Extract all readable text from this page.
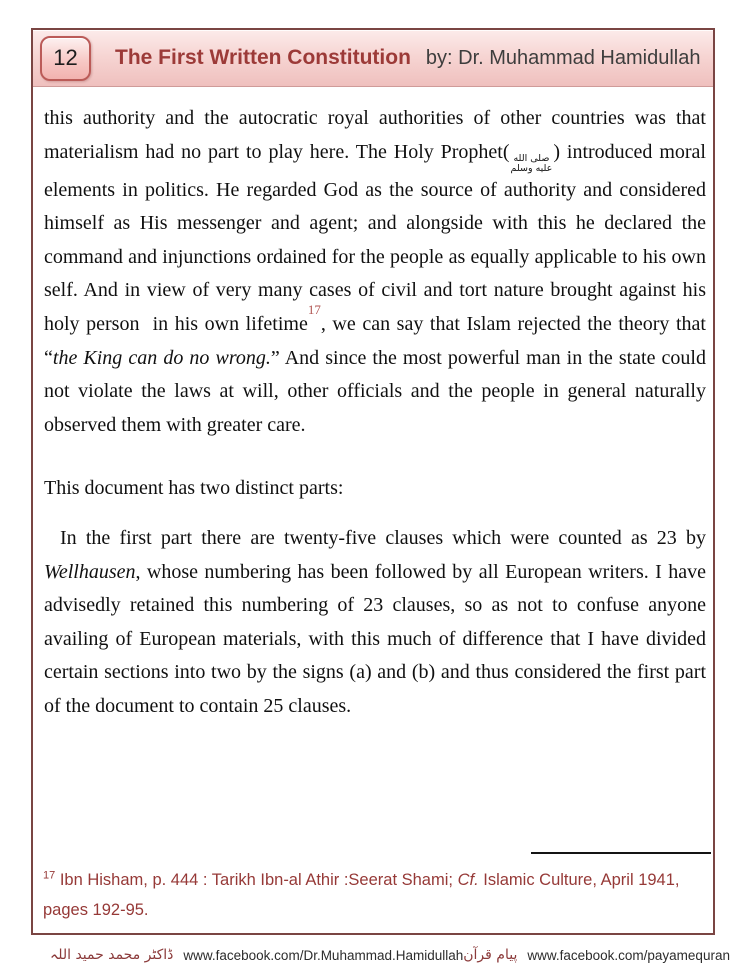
12 The First Written Constitution by: Dr. Muhammad Hamidullah

this authority and the autocratic royal authorities of other countries was that materialism had no part to play here. The Holy Prophet( صلى الله
عليه وسلم
) introduced moral elements in politics. He regarded God as the source of authority and considered himself as His messenger and agent; and alongside with this he declared the command and injunctions ordained for the people as equally applicable to his own self. And in view of very many cases of civil and tort nature brought against his holy person  in his own lifetime$^{17}$, we can say that Islam rejected the theory that “the King can do no wrong.” And since the most powerful man in the state could not violate the laws at will, other officials and the people in general naturally observed them with greater care.

This document has two distinct parts:

In the first part there are twenty-five clauses which were counted as 23 by Wellhausen, whose numbering has been followed by all European writers. I have advisedly retained this numbering of 23 clauses, so as not to confuse anyone availing of European materials, with this much of difference that I have divided certain sections into two by the signs (a) and (b) and thus considered the first part of the document to contain 25 clauses.

$^{17}$ Ibn Hisham, p. 444 : Tarikh Ibn-al Athir :Seerat Shami; Cf. Islamic Culture, April 1941, pages 192-95.

ڈاکٹر محمد حمید اللہ www.facebook.com/Dr.Muhammad.Hamidullah پیام قرآن www.facebook.com/payamequran
